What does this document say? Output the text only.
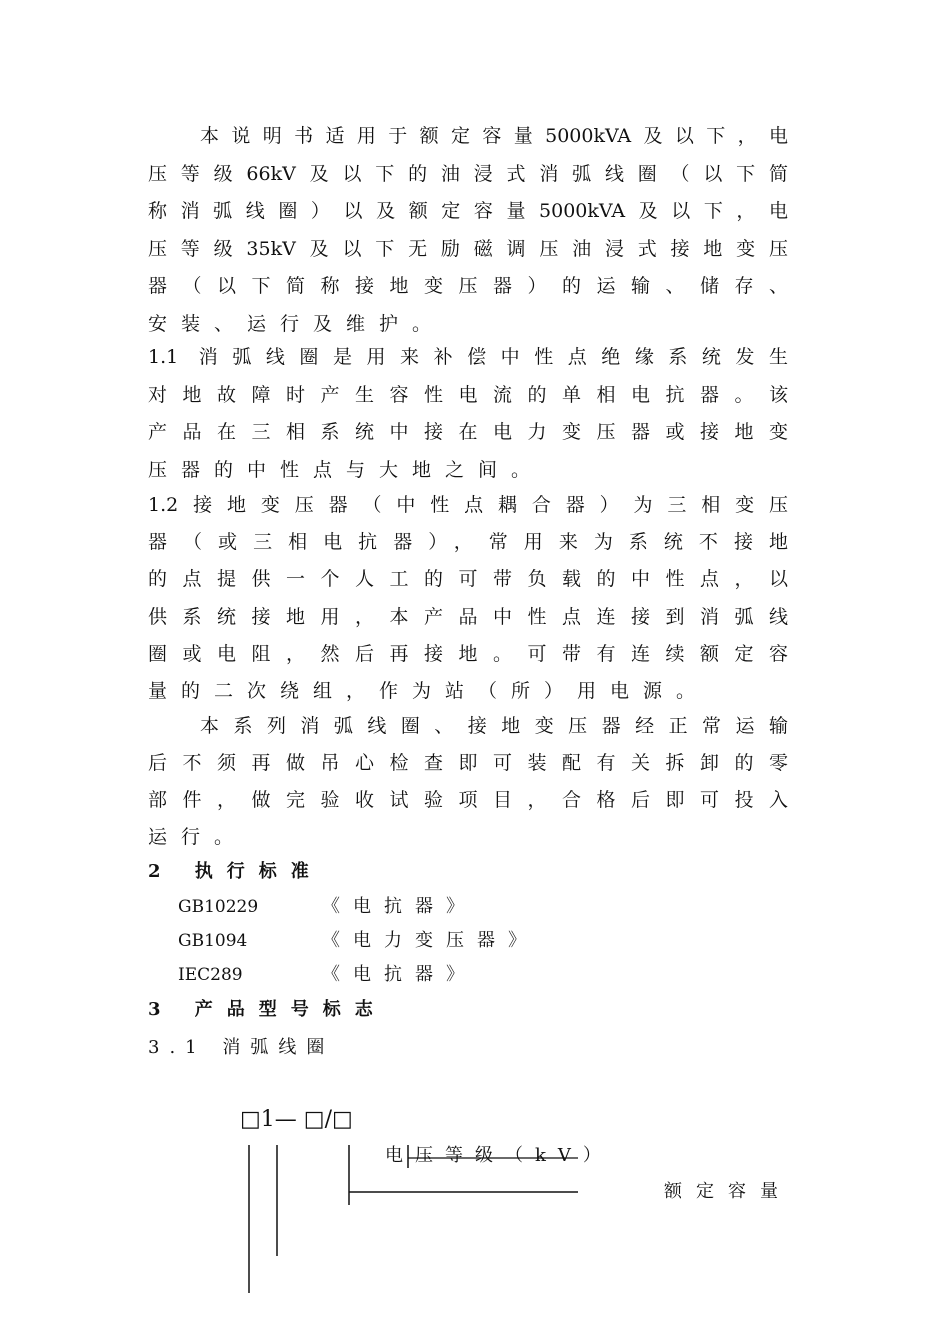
本说明书适用于额定容量5000kVA及以下，电
压等级66kV及以下的油浸式消弧线圈（以下简
称消弧线圈）以及额定容量5000kVA及以下，电
压等级35kV及以下无励磁调压油浸式接地变压
器（以下简称接地变压器）的运输、储存、
安装、运行及维护。
1.1 消弧线圈是用来补偿中性点绝缘系统发生
对地故障时产生容性电流的单相电抗器。该
产品在三相系统中接在电力变压器或接地变
压器的中性点与大地之间。
1.2接地变压器（中性点耦合器）为三相变压
器（或三相电抗器），常用来为系统不接地
的点提供一个人工的可带负载的中性点，以
供系统接地用，本产品中性点连接到消弧线
圈或电阻，然后再接地。可带有连续额定容
量的二次绕组，作为站（所）用电源。
本系列消弧线圈、接地变压器经正常运输
后不须再做吊心检查即可装配有关拆卸的零
部件，做完验收试验项目，合格后即可投入
运行。
2 执行标准
GB10229	《电抗器》
GB1094	《电力变压器》
IEC289	《电抗器》
3 产品型号标志
3.1 消弧线圈
□1— □/□
电压等级（kV）
额定容量
